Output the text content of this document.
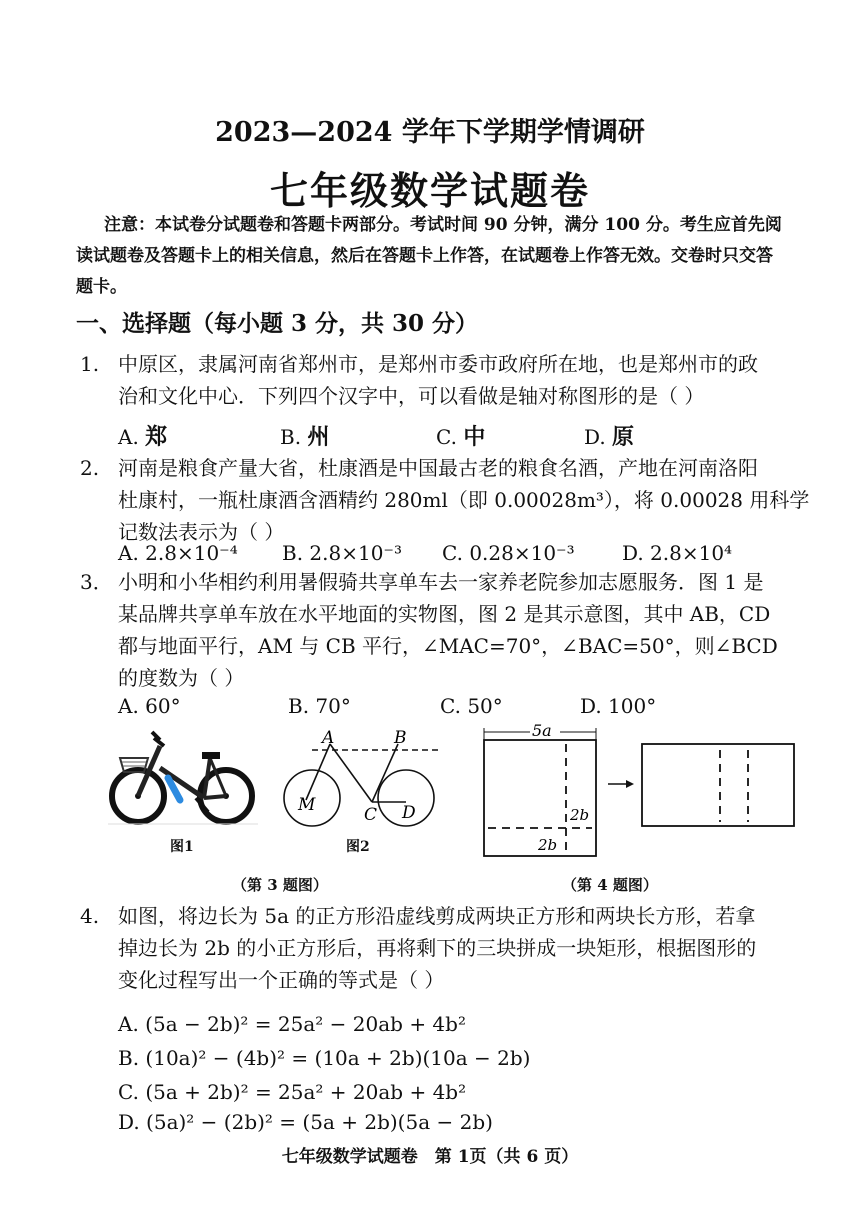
2023—2024 学年下学期学情调研
七年级数学试题卷
注意：本试卷分试题卷和答题卡两部分。考试时间 90 分钟，满分 100 分。考生应首先阅读试题卷及答题卡上的相关信息，然后在答题卡上作答，在试题卷上作答无效。交卷时只交答题卡。
一、选择题（每小题 3 分，共 30 分）
1. 中原区，隶属河南省郑州市，是郑州市委市政府所在地，也是郑州市的政
治和文化中心．下列四个汉字中，可以看做是轴对称图形的是（ ）
A. 郑	B. 州	C. 中	D. 原
2. 河南是粮食产量大省，杜康酒是中国最古老的粮食名酒，产地在河南洛阳
杜康村，一瓶杜康酒含酒精约 280ml（即 0.00028m³），将 0.00028 用科学
记数法表示为（ ）
A. 2.8×10⁻⁴ B. 2.8×10⁻³ C. 0.28×10⁻³ D. 2.8×10⁴
3． 小明和小华相约利用暑假骑共享单车去一家养老院参加志愿服务．图 1 是
某品牌共享单车放在水平地面的实物图，图 2 是其示意图，其中 AB，CD
都与地面平行，AM 与 CB 平行，∠MAC=70°，∠BAC=50°，则∠BCD
的度数为（ ）
A. 60°	B. 70°	C. 50°	D. 100°
图1
A	B
M	C D
图2
5a
2b
2b
（第 3 题图）	（第 4 题图）
4. 如图，将边长为 5a 的正方形沿虚线剪成两块正方形和两块长方形，若拿
掉边长为 2b 的小正方形后，再将剩下的三块拼成一块矩形，根据图形的
变化过程写出一个正确的等式是（ ）
A. (5a − 2b)² = 25a² − 20ab + 4b²
B. (10a)² − (4b)² = (10a + 2b)(10a − 2b)
C. (5a + 2b)² = 25a² + 20ab + 4b²
D. (5a)² − (2b)² = (5a + 2b)(5a − 2b)
七年级数学试题卷　第 1页（共 6 页）
